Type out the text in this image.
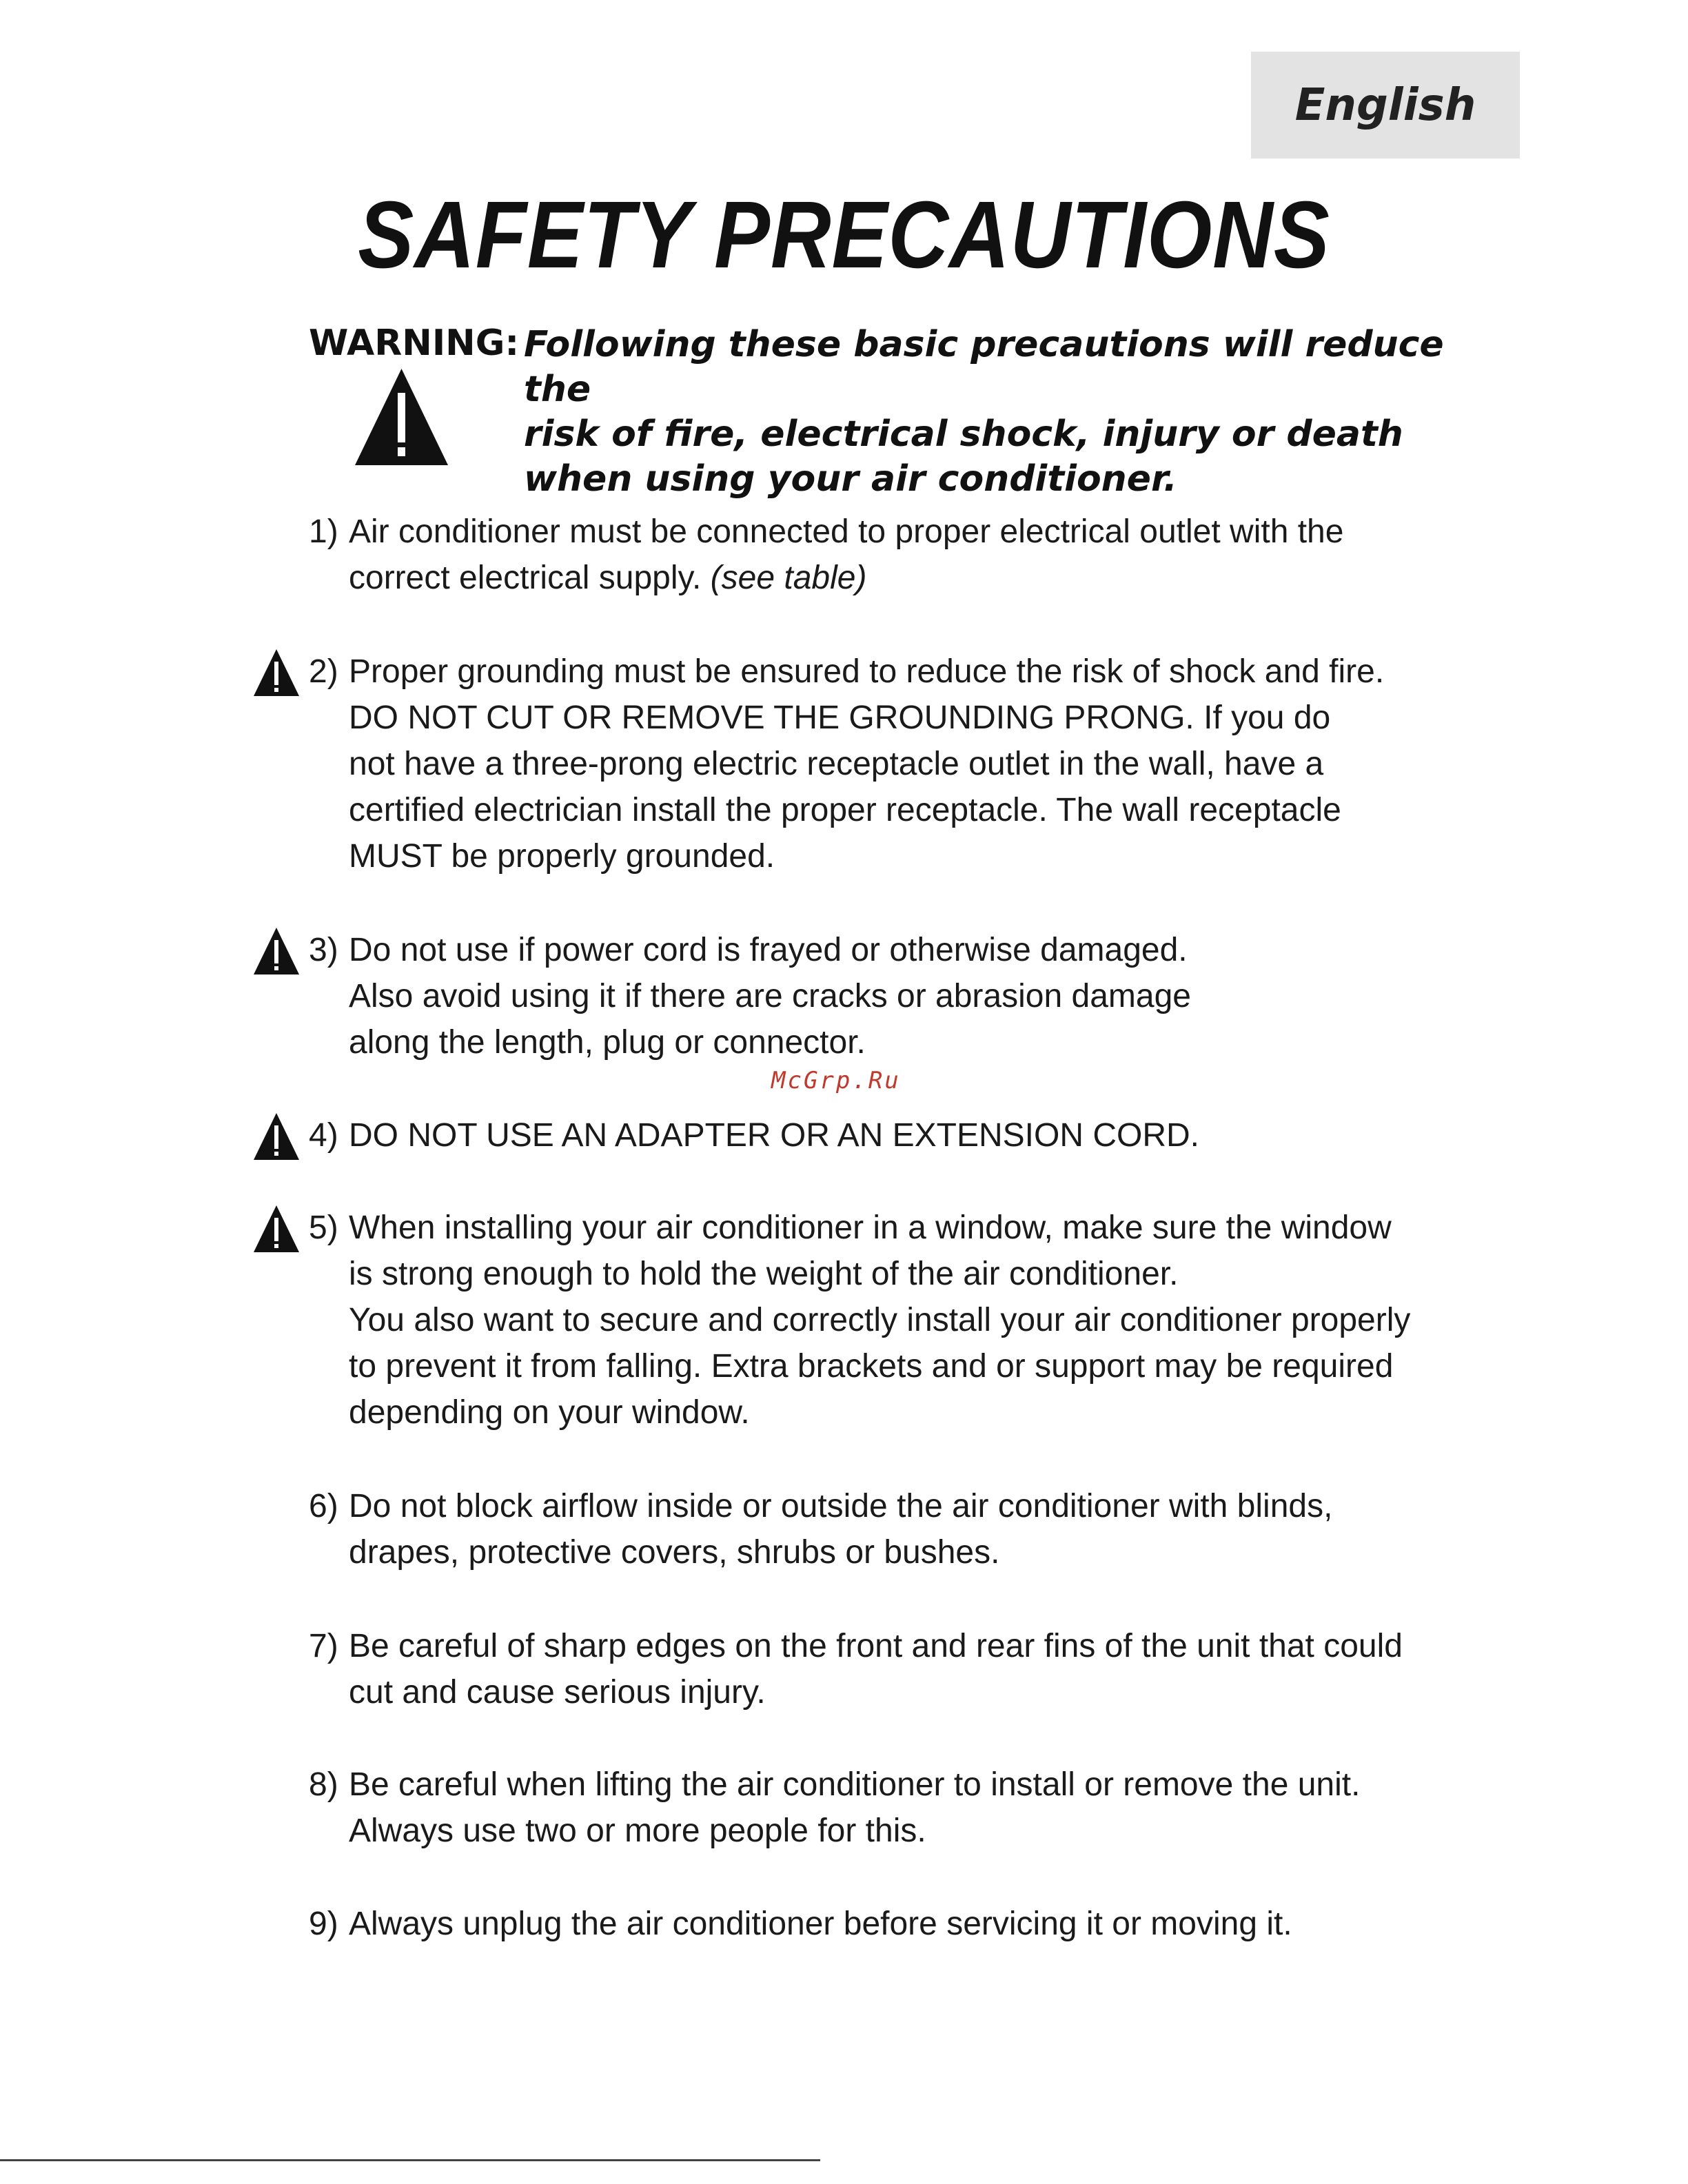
English
SAFETY PRECAUTIONS
WARNING: Following these basic precautions will reduce the
risk of fire, electrical shock, injury or death
when using your air conditioner.
1) Air conditioner must be connected to proper electrical outlet with the
correct electrical supply. (see table)
2) Proper grounding must be ensured to reduce the risk of shock and fire.
DO NOT CUT OR REMOVE THE GROUNDING PRONG. If you do
not have a three-prong electric receptacle outlet in the wall, have a
certified electrician install the proper receptacle. The wall receptacle
MUST be properly grounded.
3) Do not use if power cord is frayed or otherwise damaged.
Also avoid using it if there are cracks or abrasion damage
along the length, plug or connector.
McGrp.Ru
4) DO NOT USE AN ADAPTER OR AN EXTENSION CORD.
5) When installing your air conditioner in a window, make sure the window
is strong enough to hold the weight of the air conditioner.
You also want to secure and correctly install your air conditioner properly
to prevent it from falling. Extra brackets and or support may be required
depending on your window.
6) Do not block airflow inside or outside the air conditioner with blinds,
drapes, protective covers, shrubs or bushes.
7) Be careful of sharp edges on the front and rear fins of the unit that could
cut and cause serious injury.
8) Be careful when lifting the air conditioner to install or remove the unit.
Always use two or more people for this.
9) Always unplug the air conditioner before servicing it or moving it.
